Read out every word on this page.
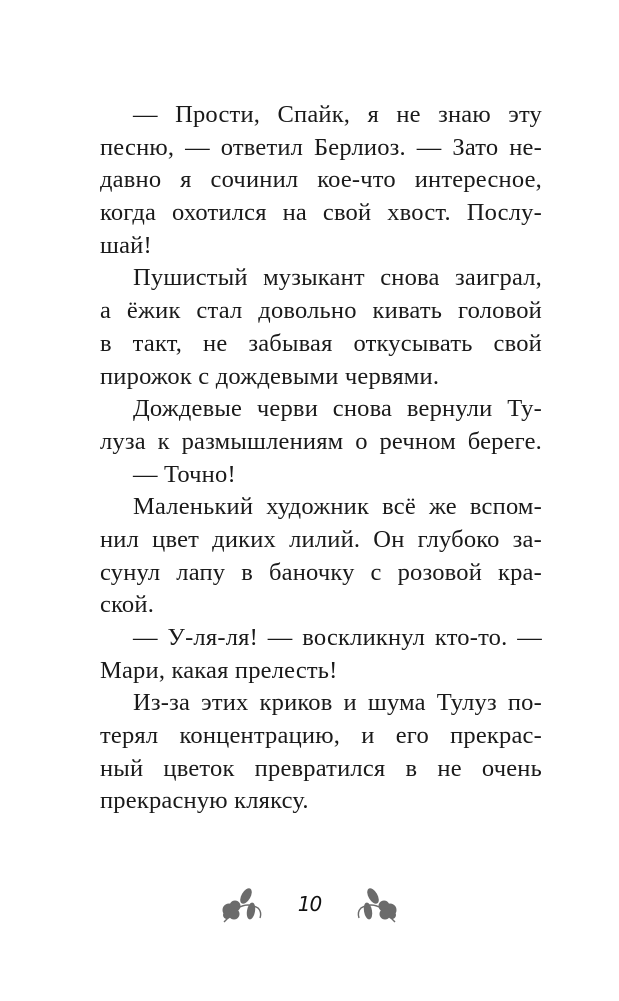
— Прости, Спайк, я не знаю эту
песню, — ответил Берлиоз. — Зато не-
давно я сочинил кое-что интересное,
когда охотился на свой хвост. Послу-
шай!
Пушистый музыкант снова заиграл,
а ёжик стал довольно кивать головой
в такт, не забывая откусывать свой
пирожок с дождевыми червями.
Дождевые черви снова вернули Ту-
луза к размышлениям о речном береге.
— Точно!
Маленький художник всё же вспом-
нил цвет диких лилий. Он глубоко за-
сунул лапу в баночку с розовой кра-
ской.
— У-ля-ля! — воскликнул кто-то. —
Мари, какая прелесть!
Из-за этих криков и шума Тулуз по-
терял концентрацию, и его прекрас-
ный цветок превратился в не очень
прекрасную кляксу.
10
